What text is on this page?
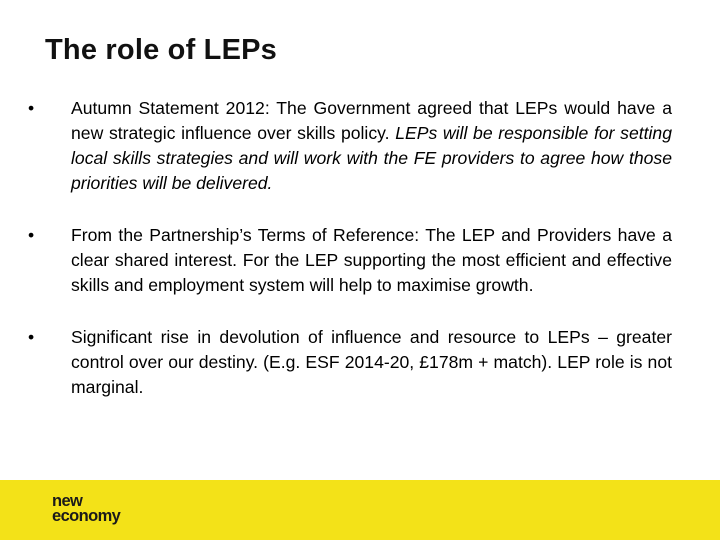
The role of LEPs
•	Autumn Statement 2012: The Government agreed that LEPs would have a new strategic influence over skills policy. LEPs will be responsible for setting local skills strategies and will work with the FE providers to agree how those priorities will be delivered.
•	From the Partnership’s Terms of Reference: The LEP and Providers have a clear shared interest. For the LEP supporting the most efficient and effective skills and employment system will help to maximise growth.
•	Significant rise in devolution of influence and resource to LEPs – greater control over our destiny. (E.g. ESF 2014-20, £178m + match). LEP role is not marginal.
new
economy
